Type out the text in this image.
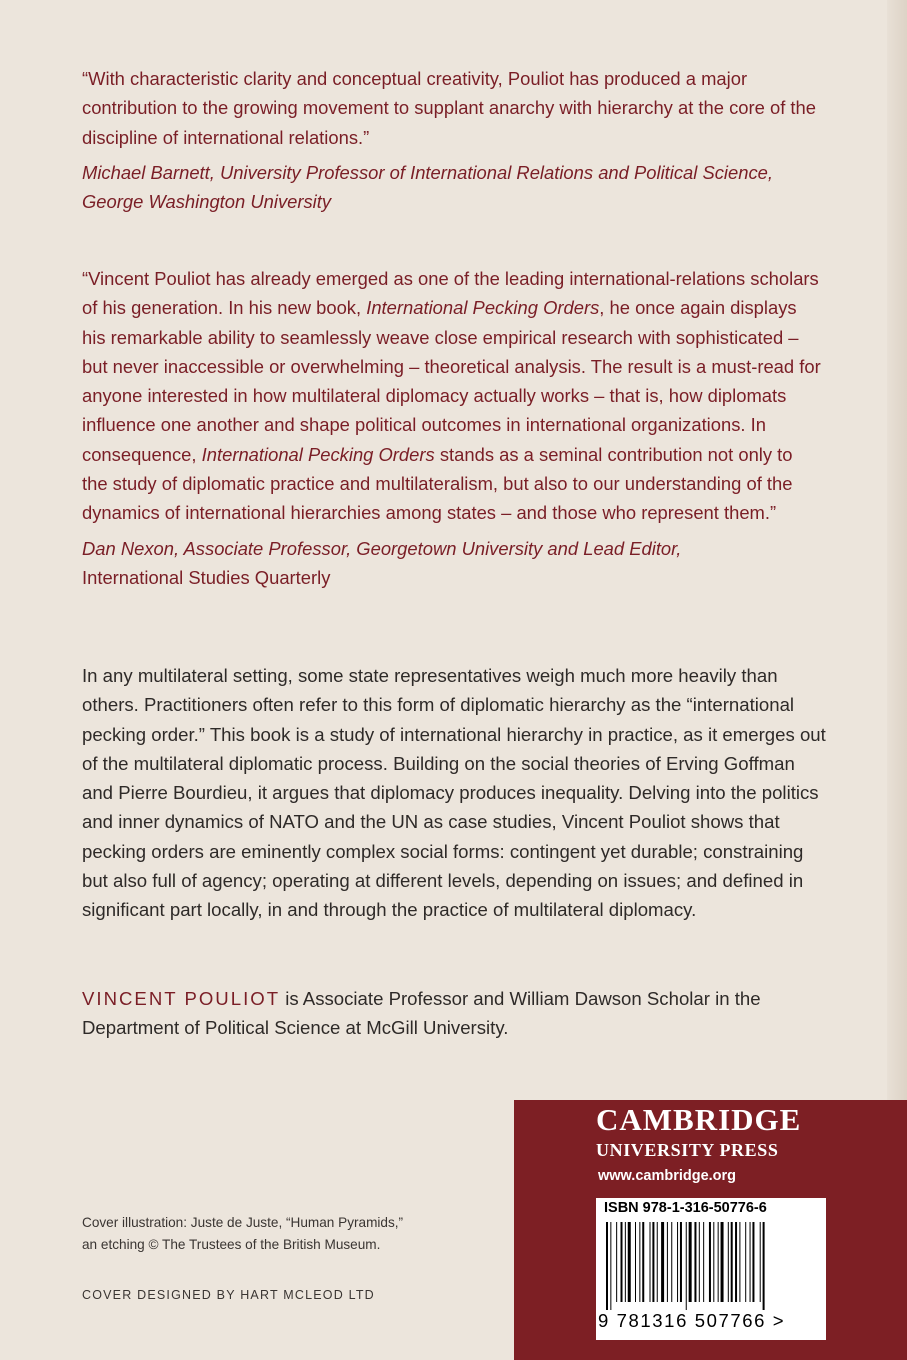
“With characteristic clarity and conceptual creativity, Pouliot has produced a major contribution to the growing movement to supplant anarchy with hierarchy at the core of the discipline of international relations.”

Michael Barnett, University Professor of International Relations and Political Science, George Washington University

“Vincent Pouliot has already emerged as one of the leading international-relations scholars of his generation. In his new book, International Pecking Orders, he once again displays his remarkable ability to seamlessly weave close empirical research with sophisticated – but never inaccessible or overwhelming – theoretical analysis. The result is a must-read for anyone interested in how multilateral diplomacy actually works – that is, how diplomats influence one another and shape political outcomes in international organizations. In consequence, International Pecking Orders stands as a seminal contribution not only to the study of diplomatic practice and multilateralism, but also to our understanding of the dynamics of international hierarchies among states – and those who represent them.”

Dan Nexon, Associate Professor, Georgetown University and Lead Editor,
International Studies Quarterly

In any multilateral setting, some state representatives weigh much more heavily than others. Practitioners often refer to this form of diplomatic hierarchy as the “international pecking order.” This book is a study of international hierarchy in practice, as it emerges out of the multilateral diplomatic process. Building on the social theories of Erving Goffman and Pierre Bourdieu, it argues that diplomacy produces inequality. Delving into the politics and inner dynamics of NATO and the UN as case studies, Vincent Pouliot shows that pecking orders are eminently complex social forms: contingent yet durable; constraining but also full of agency; operating at different levels, depending on issues; and defined in significant part locally, in and through the practice of multilateral diplomacy.

VINCENT POULIOT is Associate Professor and William Dawson Scholar in the Department of Political Science at McGill University.

Cover illustration: Juste de Juste, “Human Pyramids,”
an etching © The Trustees of the British Museum.
COVER DESIGNED BY HART MCLEOD LTD
CAMBRIDGE
UNIVERSITY PRESS
www.cambridge.org
ISBN 978-1-316-50776-6
9 781316 507766 >
